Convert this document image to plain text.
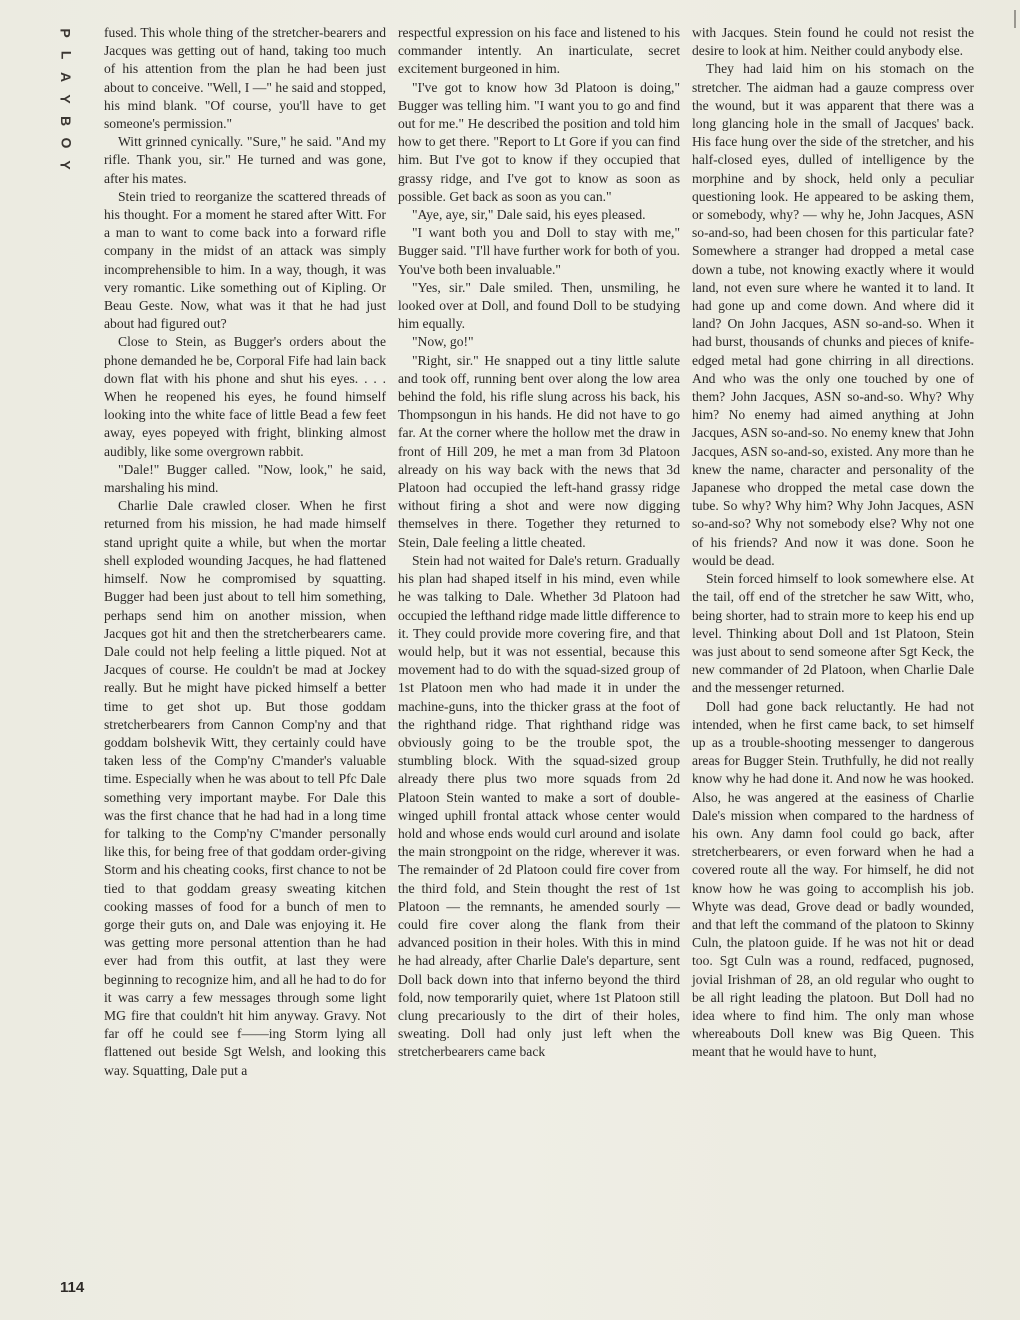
P
L
A
Y
B
O
Y

fused. This whole thing of the stretcher-bearers and Jacques was getting out of hand, taking too much of his attention from the plan he had been just about to conceive. "Well, I —" he said and stopped, his mind blank. "Of course, you'll have to get someone's permission."

Witt grinned cynically. "Sure," he said. "And my rifle. Thank you, sir." He turned and was gone, after his mates.

Stein tried to reorganize the scattered threads of his thought. For a moment he stared after Witt. For a man to want to come back into a forward rifle company in the midst of an attack was simply incomprehensible to him. In a way, though, it was very romantic. Like something out of Kipling. Or Beau Geste. Now, what was it that he had just about had figured out?

Close to Stein, as Bugger's orders about the phone demanded he be, Corporal Fife had lain back down flat with his phone and shut his eyes. . . . When he reopened his eyes, he found himself looking into the white face of little Bead a few feet away, eyes popeyed with fright, blinking almost audibly, like some overgrown rabbit.

"Dale!" Bugger called. "Now, look," he said, marshaling his mind.

Charlie Dale crawled closer. When he first returned from his mission, he had made himself stand upright quite a while, but when the mortar shell exploded wounding Jacques, he had flattened himself. Now he compromised by squatting. Bugger had been just about to tell him something, perhaps send him on another mission, when Jacques got hit and then the stretcherbearers came. Dale could not help feeling a little piqued. Not at Jacques of course. He couldn't be mad at Jockey really. But he might have picked himself a better time to get shot up. But those goddam stretcherbearers from Cannon Comp'ny and that goddam bolshevik Witt, they certainly could have taken less of the Comp'ny C'mander's valuable time. Especially when he was about to tell Pfc Dale something very important maybe. For Dale this was the first chance that he had had in a long time for talking to the Comp'ny C'mander personally like this, for being free of that goddam order-giving Storm and his cheating cooks, first chance to not be tied to that goddam greasy sweating kitchen cooking masses of food for a bunch of men to gorge their guts on, and Dale was enjoying it. He was getting more personal attention than he had ever had from this outfit, at last they were beginning to recognize him, and all he had to do for it was carry a few messages through some light MG fire that couldn't hit him anyway. Gravy. Not far off he could see f——ing Storm lying all flattened out beside Sgt Welsh, and looking this way. Squatting, Dale put a

respectful expression on his face and listened to his commander intently. An inarticulate, secret excitement burgeoned in him.

"I've got to know how 3d Platoon is doing," Bugger was telling him. "I want you to go and find out for me." He described the position and told him how to get there. "Report to Lt Gore if you can find him. But I've got to know if they occupied that grassy ridge, and I've got to know as soon as possible. Get back as soon as you can."

"Aye, aye, sir," Dale said, his eyes pleased.

"I want both you and Doll to stay with me," Bugger said. "I'll have further work for both of you. You've both been invaluable."

"Yes, sir." Dale smiled. Then, unsmiling, he looked over at Doll, and found Doll to be studying him equally.

"Now, go!"

"Right, sir." He snapped out a tiny little salute and took off, running bent over along the low area behind the fold, his rifle slung across his back, his Thompsongun in his hands. He did not have to go far. At the corner where the hollow met the draw in front of Hill 209, he met a man from 3d Platoon already on his way back with the news that 3d Platoon had occupied the left-hand grassy ridge without firing a shot and were now digging themselves in there. Together they returned to Stein, Dale feeling a little cheated.

Stein had not waited for Dale's return. Gradually his plan had shaped itself in his mind, even while he was talking to Dale. Whether 3d Platoon had occupied the lefthand ridge made little difference to it. They could provide more covering fire, and that would help, but it was not essential, because this movement had to do with the squad-sized group of 1st Platoon men who had made it in under the machine-guns, into the thicker grass at the foot of the righthand ridge. That righthand ridge was obviously going to be the trouble spot, the stumbling block. With the squad-sized group already there plus two more squads from 2d Platoon Stein wanted to make a sort of double-winged uphill frontal attack whose center would hold and whose ends would curl around and isolate the main strongpoint on the ridge, wherever it was. The remainder of 2d Platoon could fire cover from the third fold, and Stein thought the rest of 1st Platoon — the remnants, he amended sourly — could fire cover along the flank from their advanced position in their holes. With this in mind he had already, after Charlie Dale's departure, sent Doll back down into that inferno beyond the third fold, now temporarily quiet, where 1st Platoon still clung precariously to the dirt of their holes, sweating. Doll had only just left when the stretcherbearers came back

with Jacques. Stein found he could not resist the desire to look at him. Neither could anybody else.

They had laid him on his stomach on the stretcher. The aidman had a gauze compress over the wound, but it was apparent that there was a long glancing hole in the small of Jacques' back. His face hung over the side of the stretcher, and his half-closed eyes, dulled of intelligence by the morphine and by shock, held only a peculiar questioning look. He appeared to be asking them, or somebody, why? — why he, John Jacques, ASN so-and-so, had been chosen for this particular fate? Somewhere a stranger had dropped a metal case down a tube, not knowing exactly where it would land, not even sure where he wanted it to land. It had gone up and come down. And where did it land? On John Jacques, ASN so-and-so. When it had burst, thousands of chunks and pieces of knife-edged metal had gone chirring in all directions. And who was the only one touched by one of them? John Jacques, ASN so-and-so. Why? Why him? No enemy had aimed anything at John Jacques, ASN so-and-so. No enemy knew that John Jacques, ASN so-and-so, existed. Any more than he knew the name, character and personality of the Japanese who dropped the metal case down the tube. So why? Why him? Why John Jacques, ASN so-and-so? Why not somebody else? Why not one of his friends? And now it was done. Soon he would be dead.

Stein forced himself to look somewhere else. At the tail, off end of the stretcher he saw Witt, who, being shorter, had to strain more to keep his end up level. Thinking about Doll and 1st Platoon, Stein was just about to send someone after Sgt Keck, the new commander of 2d Platoon, when Charlie Dale and the messenger returned.

Doll had gone back reluctantly. He had not intended, when he first came back, to set himself up as a trouble-shooting messenger to dangerous areas for Bugger Stein. Truthfully, he did not really know why he had done it. And now he was hooked. Also, he was angered at the easiness of Charlie Dale's mission when compared to the hardness of his own. Any damn fool could go back, after stretcherbearers, or even forward when he had a covered route all the way. For himself, he did not know how he was going to accomplish his job. Whyte was dead, Grove dead or badly wounded, and that left the command of the platoon to Skinny Culn, the platoon guide. If he was not hit or dead too. Sgt Culn was a round, redfaced, pugnosed, jovial Irishman of 28, an old regular who ought to be all right leading the platoon. But Doll had no idea where to find him. The only man whose whereabouts Doll knew was Big Queen. This meant that he would have to hunt,

114
